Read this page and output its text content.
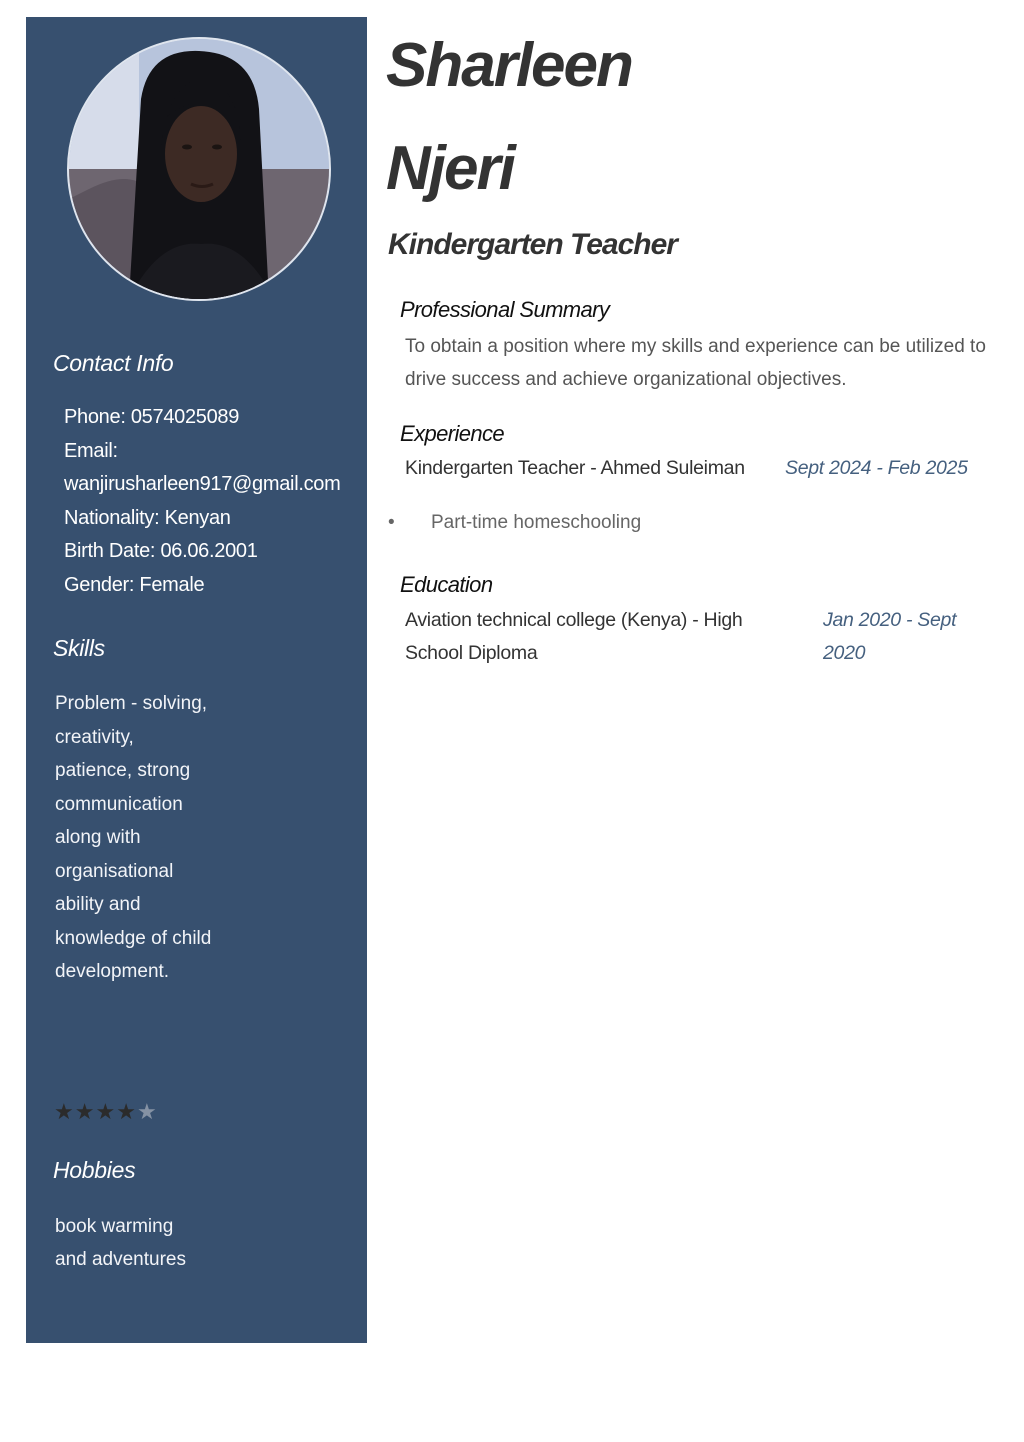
Contact Info
Phone: 0574025089
Email:
wanjirusharleen917@gmail.com
Nationality: Kenyan
Birth Date: 06.06.2001
Gender: Female
Skills
Problem - solving, creativity, patience, strong communication along with organisational ability and knowledge of child development.
★★★★★
Hobbies
book warming and adventures
Sharleen
Njeri
Kindergarten Teacher
Professional Summary
To obtain a position where my skills and experience can be utilized to drive success and achieve organizational objectives.
Experience
Kindergarten Teacher - Ahmed Suleiman Sept 2024 - Feb 2025
• Part-time homeschooling
Education
Aviation technical college (Kenya) - High School Diploma
Jan 2020 - Sept 2020
